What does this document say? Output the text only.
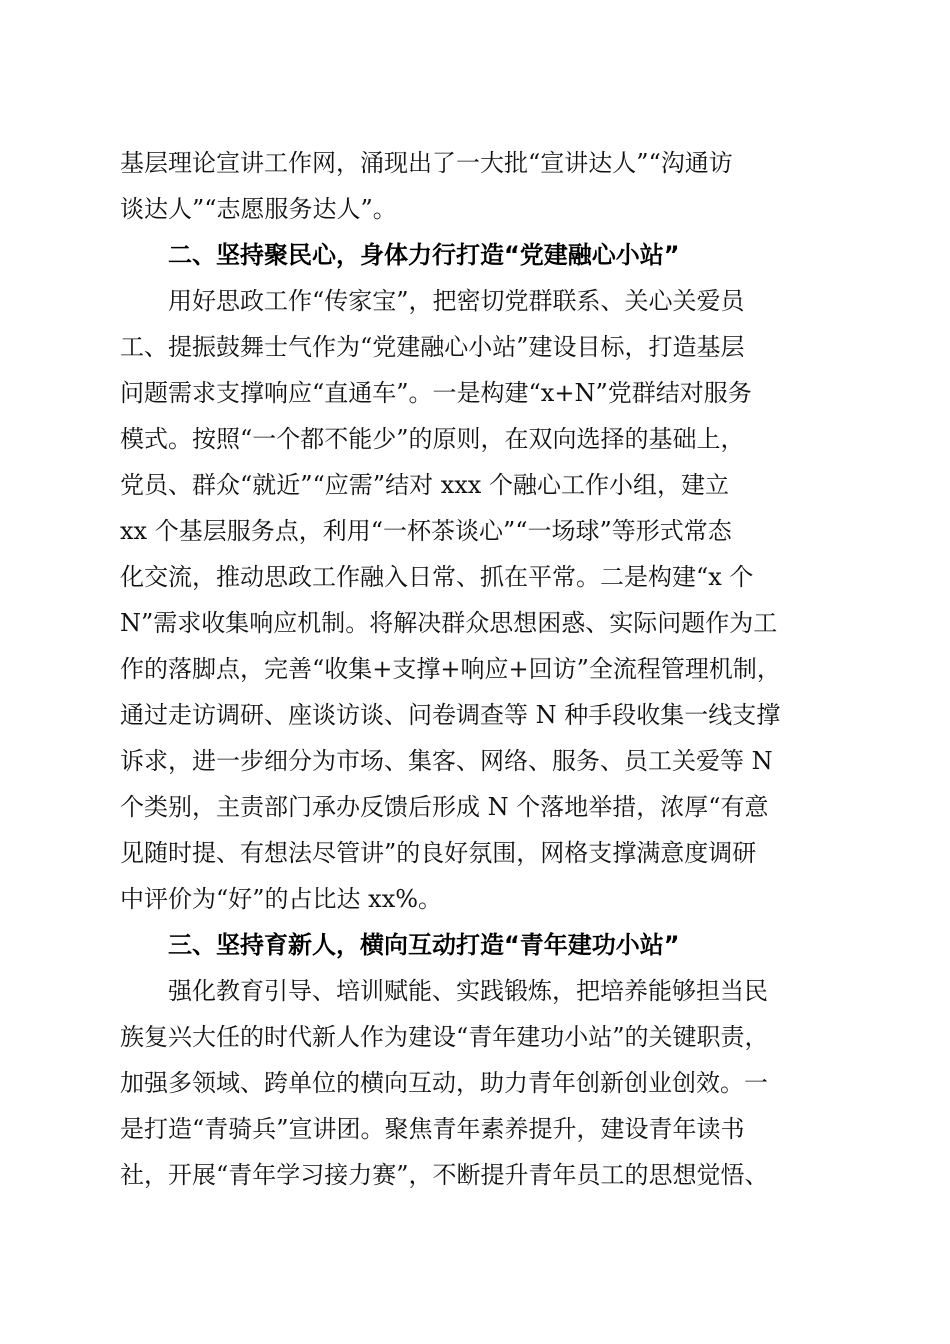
基层理论宣讲工作网，涌现出了一大批“宣讲达人”“沟通访
谈达人”“志愿服务达人”。
二、坚持聚民心，身体力行打造“党建融心小站”
用好思政工作“传家宝”，把密切党群联系、关心关爱员
工、提振鼓舞士气作为“党建融心小站”建设目标，打造基层
问题需求支撑响应“直通车”。一是构建“x+N”党群结对服务
模式。按照“一个都不能少”的原则，在双向选择的基础上，
党员、群众“就近”“应需”结对 xxx 个融心工作小组，建立
xx 个基层服务点，利用“一杯茶谈心”“一场球”等形式常态
化交流，推动思政工作融入日常、抓在平常。二是构建“x 个
N”需求收集响应机制。将解决群众思想困惑、实际问题作为工
作的落脚点，完善“收集+支撑+响应+回访”全流程管理机制，
通过走访调研、座谈访谈、问卷调查等 N 种手段收集一线支撑
诉求，进一步细分为市场、集客、网络、服务、员工关爱等 N
个类别，主责部门承办反馈后形成 N 个落地举措，浓厚“有意
见随时提、有想法尽管讲”的良好氛围，网格支撑满意度调研
中评价为“好”的占比达 xx%。
三、坚持育新人，横向互动打造“青年建功小站”
强化教育引导、培训赋能、实践锻炼，把培养能够担当民
族复兴大任的时代新人作为建设“青年建功小站”的关键职责，
加强多领域、跨单位的横向互动，助力青年创新创业创效。一
是打造“青骑兵”宣讲团。聚焦青年素养提升，建设青年读书
社，开展“青年学习接力赛”，不断提升青年员工的思想觉悟、
